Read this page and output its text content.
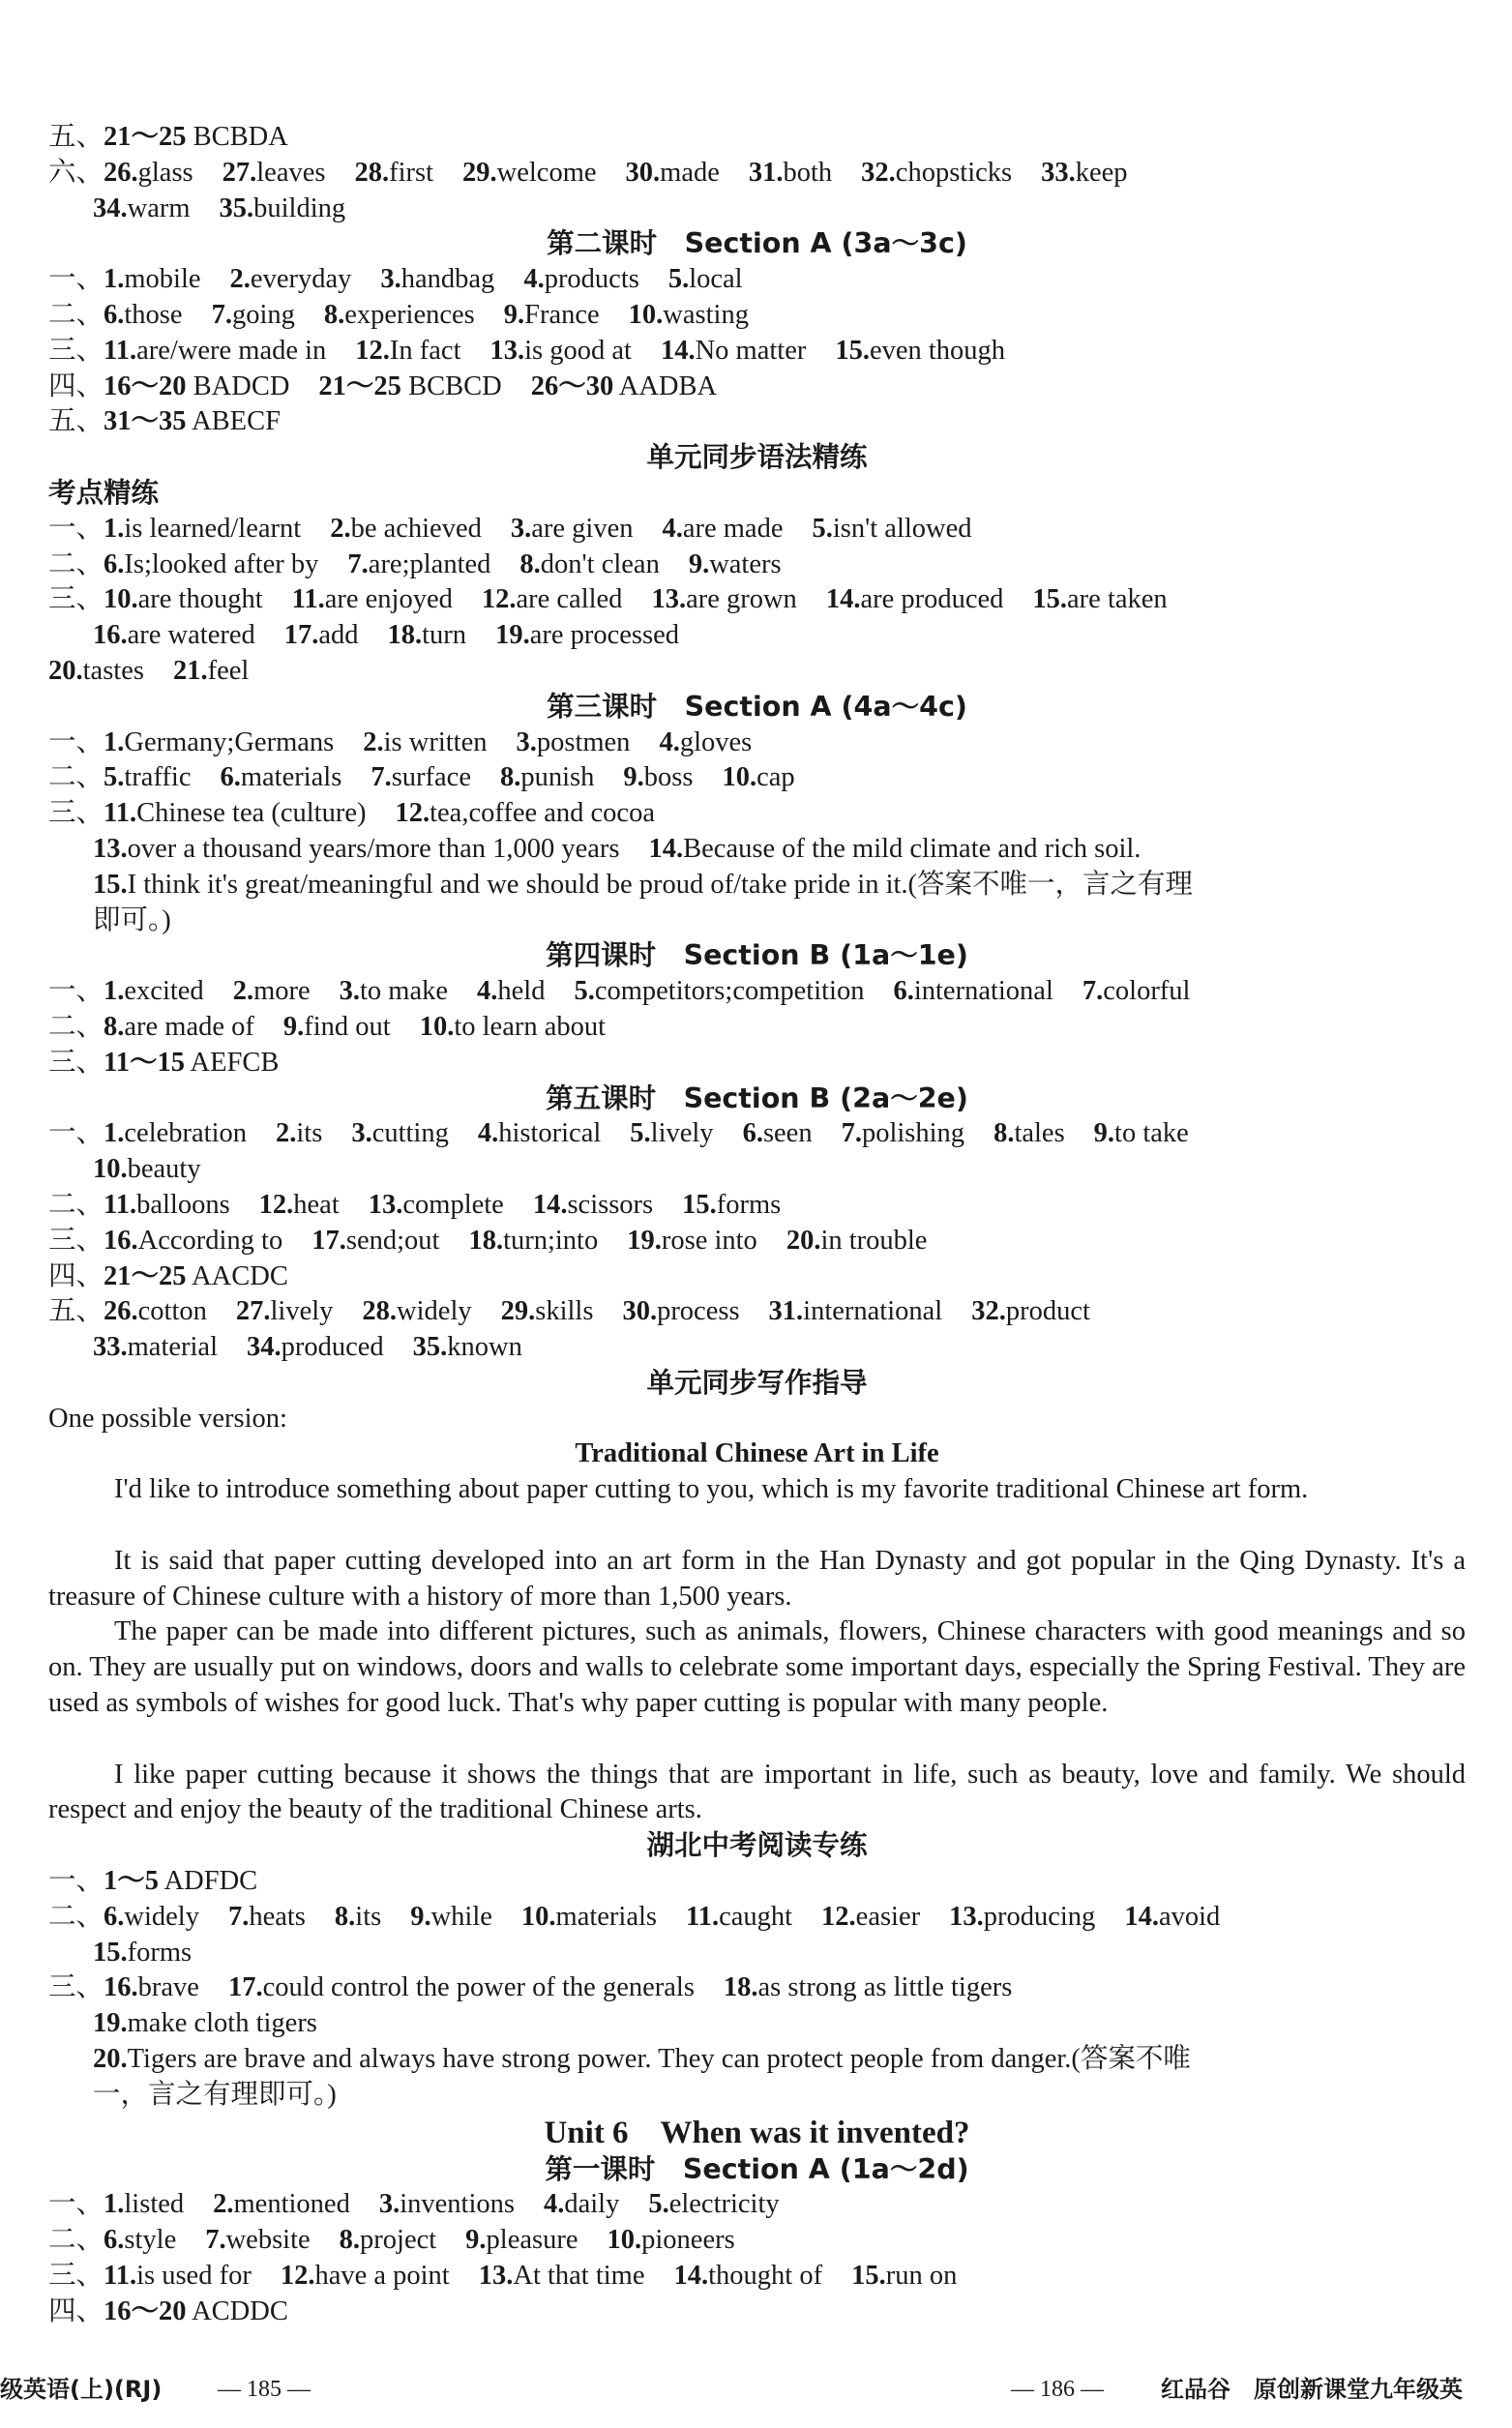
五、21～25 BCBDA
六、26.glass 27.leaves 28.first 29.welcome 30.made 31.both 32.chopsticks 33.keep
34.warm 35.building
第二课时　Section A (3a～3c)
一、1.mobile 2.everyday 3.handbag 4.products 5.local
二、6.those 7.going 8.experiences 9.France 10.wasting
三、11.are/were made in 12.In fact 13.is good at 14.No matter 15.even though
四、16～20 BADCD 21～25 BCBCD 26～30 AADBA
五、31～35 ABECF
单元同步语法精练
考点精练
一、1.is learned/learnt 2.be achieved 3.are given 4.are made 5.isn't allowed
二、6.Is;looked after by 7.are;planted 8.don't clean 9.waters
三、10.are thought 11.are enjoyed 12.are called 13.are grown 14.are produced 15.are taken
16.are watered 17.add 18.turn 19.are processed
20.tastes 21.feel
第三课时　Section A (4a～4c)
一、1.Germany;Germans 2.is written 3.postmen 4.gloves
二、5.traffic 6.materials 7.surface 8.punish 9.boss 10.cap
三、11.Chinese tea (culture) 12.tea,coffee and cocoa
13.over a thousand years/more than 1,000 years 14.Because of the mild climate and rich soil.
15.I think it's great/meaningful and we should be proud of/take pride in it.(答案不唯一，言之有理
即可。)
第四课时　Section B (1a～1e)
一、1.excited 2.more 3.to make 4.held 5.competitors;competition 6.international 7.colorful
二、8.are made of 9.find out 10.to learn about
三、11～15 AEFCB
第五课时　Section B (2a～2e)
一、1.celebration 2.its 3.cutting 4.historical 5.lively 6.seen 7.polishing 8.tales 9.to take
10.beauty
二、11.balloons 12.heat 13.complete 14.scissors 15.forms
三、16.According to 17.send;out 18.turn;into 19.rose into 20.in trouble
四、21～25 AACDC
五、26.cotton 27.lively 28.widely 29.skills 30.process 31.international 32.product
33.material 34.produced 35.known
单元同步写作指导
One possible version:
Traditional Chinese Art in Life
I'd like to introduce something about paper cutting to you, which is my favorite traditional Chinese art form.
It is said that paper cutting developed into an art form in the Han Dynasty and got popular in the Qing Dynasty. It's a treasure of Chinese culture with a history of more than 1,500 years.
The paper can be made into different pictures, such as animals, flowers, Chinese characters with good meanings and so on. They are usually put on windows, doors and walls to celebrate some important days, especially the Spring Festival. They are used as symbols of wishes for good luck. That's why paper cutting is popular with many people.
I like paper cutting because it shows the things that are important in life, such as beauty, love and family. We should respect and enjoy the beauty of the traditional Chinese arts.
湖北中考阅读专练
一、1～5 ADFDC
二、6.widely 7.heats 8.its 9.while 10.materials 11.caught 12.easier 13.producing 14.avoid
15.forms
三、16.brave 17.could control the power of the generals 18.as strong as little tigers
19.make cloth tigers
20.Tigers are brave and always have strong power. They can protect people from danger.(答案不唯
一，言之有理即可。)
Unit 6　When was it invented?
第一课时　Section A (1a～2d)
一、1.listed 2.mentioned 3.inventions 4.daily 5.electricity
二、6.style 7.website 8.project 9.pleasure 10.pioneers
三、11.is used for 12.have a point 13.At that time 14.thought of 15.run on
四、16～20 ACDDC
级英语(上)(RJ) — 185 —	— 186 — 红品谷　原创新课堂九年级英
